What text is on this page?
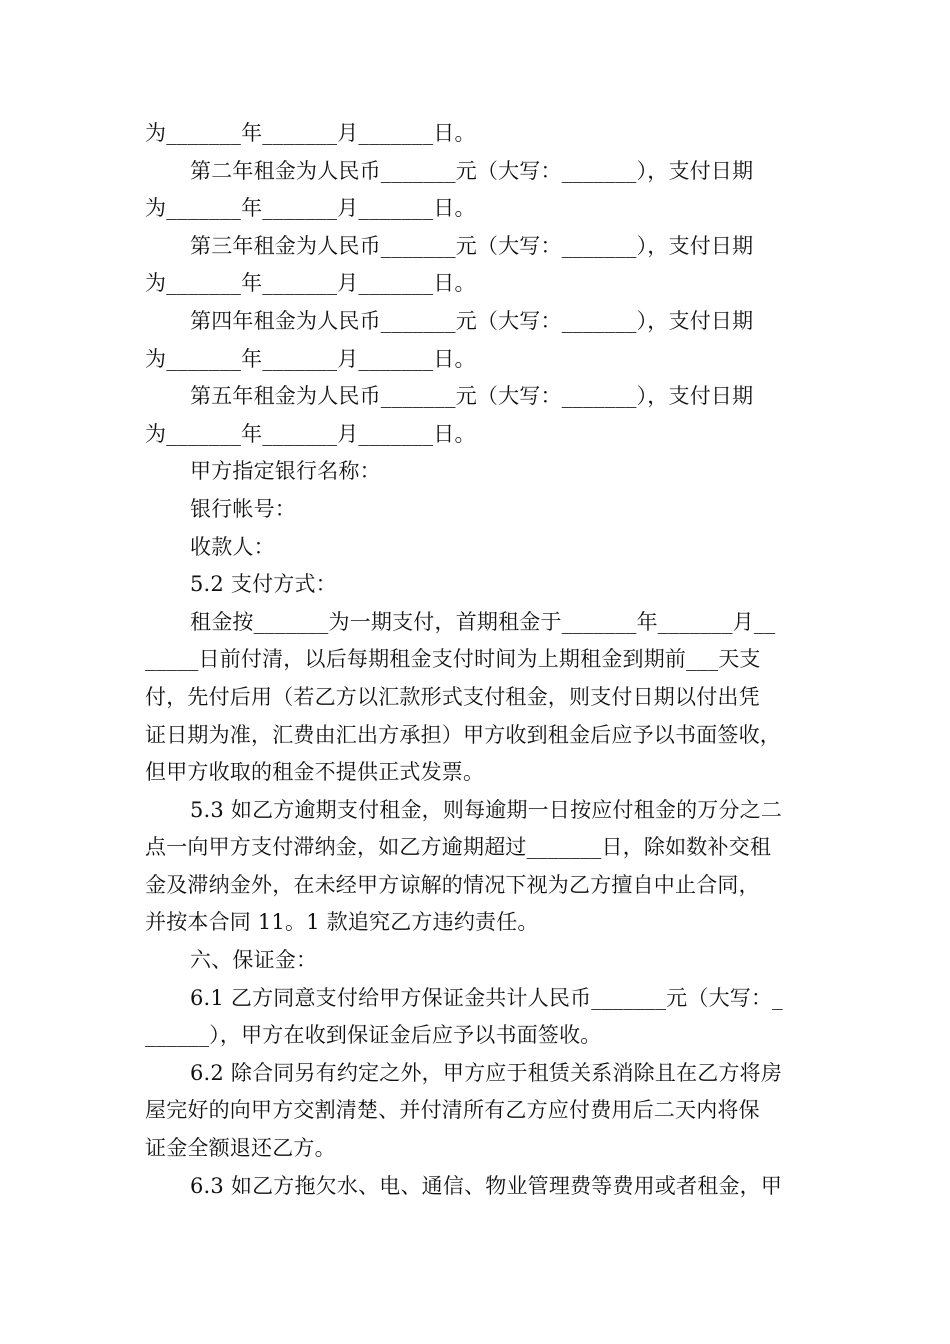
为_______年_______月_______日。
第二年租金为人民币_______元（大写：_______），支付日期
为_______年_______月_______日。
第三年租金为人民币_______元（大写：_______），支付日期
为_______年_______月_______日。
第四年租金为人民币_______元（大写：_______），支付日期
为_______年_______月_______日。
第五年租金为人民币_______元（大写：_______），支付日期
为_______年_______月_______日。
甲方指定银行名称：
银行帐号：
收款人：
5.2 支付方式：
租金按_______为一期支付，首期租金于_______年_______月__
_____日前付清，以后每期租金支付时间为上期租金到期前___天支
付，先付后用（若乙方以汇款形式支付租金，则支付日期以付出凭
证日期为准，汇费由汇出方承担）甲方收到租金后应予以书面签收，
但甲方收取的租金不提供正式发票。
5.3 如乙方逾期支付租金，则每逾期一日按应付租金的万分之二
点一向甲方支付滞纳金，如乙方逾期超过_______日，除如数补交租
金及滞纳金外，在未经甲方谅解的情况下视为乙方擅自中止合同，
并按本合同 11。1 款追究乙方违约责任。
六、保证金：
6.1 乙方同意支付给甲方保证金共计人民币_______元（大写：_
______），甲方在收到保证金后应予以书面签收。
6.2 除合同另有约定之外，甲方应于租赁关系消除且在乙方将房
屋完好的向甲方交割清楚、并付清所有乙方应付费用后二天内将保
证金全额退还乙方。
6.3 如乙方拖欠水、电、通信、物业管理费等费用或者租金，甲
